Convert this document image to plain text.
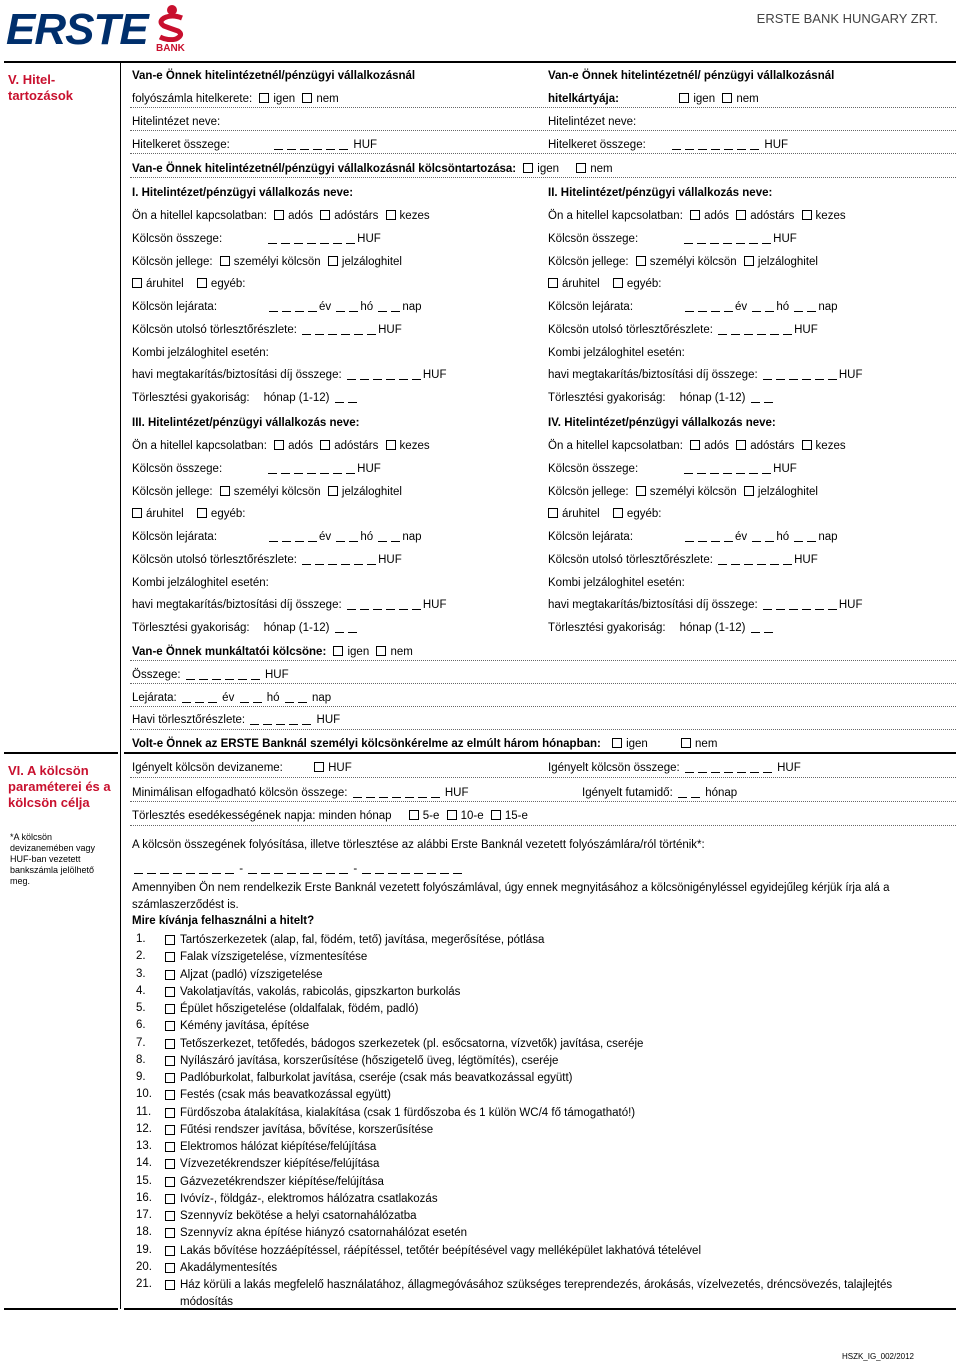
ERSTE BANK
ERSTE BANK HUNGARY ZRT.
V. Hitel-tartozások
VI. A kölcsön paraméterei és a kölcsön célja
*A kölcsön devizanemében vagy HUF-ban vezetett bankszámla jelölhető meg.
Van-e Önnek hitelintézetnél/pénzügyi vállalkozásnál	Van-e Önnek hitelintézetnél/ pénzügyi vállalkozásnál
folyószámla hitelkerete: igen nem	hitelkártyája:	igen nem
Hitelintézet neve:	Hitelintézet neve:
Hitelkeret összege:	HUF	Hitelkeret összege:	HUF
Van-e Önnek hitelintézetnél/pénzügyi vállalkozásnál kölcsöntartozása: igen	nem
I. Hitelintézet/pénzügyi vállalkozás neve:
Ön a hitellel kapcsolatban: adós adóstárs kezes
Kölcsön összege:	HUF
Kölcsön jellege: személyi kölcsön jelzáloghitel
áruhitel egyéb:
Kölcsön lejárata:	év	hó	nap
Kölcsön utolsó törlesztőrészlete:	HUF
Kombi jelzáloghitel esetén:
havi megtakarítás/biztosítási díj összege:	HUF
Törlesztési gyakoriság: hónap (1-12)
II. Hitelintézet/pénzügyi vállalkozás neve:
Ön a hitellel kapcsolatban: adós adóstárs kezes
Kölcsön összege:	HUF
Kölcsön jellege: személyi kölcsön jelzáloghitel
áruhitel egyéb:
Kölcsön lejárata:	év	hó	nap
Kölcsön utolsó törlesztőrészlete:	HUF
Kombi jelzáloghitel esetén:
havi megtakarítás/biztosítási díj összege:	HUF
Törlesztési gyakoriság: hónap (1-12)
III. Hitelintézet/pénzügyi vállalkozás neve:
Ön a hitellel kapcsolatban: adós adóstárs kezes
Kölcsön összege:	HUF
Kölcsön jellege: személyi kölcsön jelzáloghitel
áruhitel egyéb:
Kölcsön lejárata:	év	hó	nap
Kölcsön utolsó törlesztőrészlete:	HUF
Kombi jelzáloghitel esetén:
havi megtakarítás/biztosítási díj összege:	HUF
Törlesztési gyakoriság: hónap (1-12)
IV. Hitelintézet/pénzügyi vállalkozás neve:
Ön a hitellel kapcsolatban: adós adóstárs kezes
Kölcsön összege:	HUF
Kölcsön jellege: személyi kölcsön jelzáloghitel
áruhitel egyéb:
Kölcsön lejárata:	év	hó	nap
Kölcsön utolsó törlesztőrészlete:	HUF
Kombi jelzáloghitel esetén:
havi megtakarítás/biztosítási díj összege:	HUF
Törlesztési gyakoriság: hónap (1-12)
Van-e Önnek munkáltatói kölcsöne: igen nem
Összege:	HUF
Lejárata:	év	hó	nap
Havi törlesztőrészlete:	HUF
Volt-e Önnek az ERSTE Banknál személyi kölcsönkérelme az elmúlt három hónapban: igen	nem
Igényelt kölcsön devizaneme:	HUF	Igényelt kölcsön összege:	HUF
Minimálisan elfogadható kölcsön összege:	HUF	Igényelt futamidő:	hónap
Törlesztés esedékességének napja: minden hónap	5-e 10-e 15-e
A kölcsön összegének folyósítása, illetve törlesztése az alábbi Erste Banknál vezetett folyószámlára/ról történik*:
-	-
Amennyiben Ön nem rendelkezik Erste Banknál vezetett folyószámlával, úgy ennek megnyitásához a kölcsönigényléssel egyidejűleg kérjük írja alá a számlaszerződést is.
Mire kívánja felhasználni a hitelt?
1.	Tartószerkezetek (alap, fal, födém, tető) javítása, megerősítése, pótlása
2.	Falak vízszigetelése, vízmentesítése
3.	Aljzat (padló) vízszigetelése
4.	Vakolatjavítás, vakolás, rabicolás, gipszkarton burkolás
5.	Épület hőszigetelése (oldalfalak, födém, padló)
6.	Kémény javítása, építése
7.	Tetőszerkezet, tetőfedés, bádogos szerkezetek (pl. esőcsatorna, vízvetők) javítása, cseréje
8.	Nyílászáró javítása, korszerűsítése (hőszigetelő üveg, légtömítés), cseréje
9.	Padlóburkolat, falburkolat javítása, cseréje (csak más beavatkozással együtt)
10. Festés (csak más beavatkozással együtt)
11.	Fürdőszoba átalakítása, kialakítása (csak 1 fürdőszoba és 1 külön WC/4 fő támogatható!)
12. Fűtési rendszer javítása, bővítése, korszerűsítése
13. Elektromos hálózat kiépítése/felújítása
14. Vízvezetékrendszer kiépítése/felújítása
15. Gázvezetékrendszer kiépítése/felújítása
16. Ivóvíz-, földgáz-, elektromos hálózatra csatlakozás
17. Szennyvíz bekötése a helyi csatornahálózatba
18. Szennyvíz akna építése hiányzó csatornahálózat esetén
19. Lakás bővítése hozzáépítéssel, ráépítéssel, tetőtér beépítésével vagy melléképület lakhatóvá tételével
20. Akadálymentesítés
21. Ház körüli a lakás megfelelő használatához, állagmegóvásához szükséges tereprendezés, árokásás, vízelvezetés, dréncsövezés, talajlejtés módosítás
HSZK_IG_002/2012
